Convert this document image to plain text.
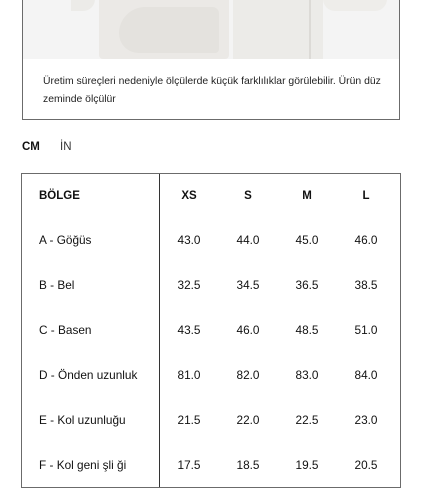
Üretim süreçleri nedeniyle ölçülerde küçük farklılıklar görülebilir. Ürün düz zeminde ölçülür
CM İN
BÖLGE	XS	S	M	L
A - Göğüs	43.0	44.0	45.0	46.0
B - Bel	32.5	34.5	36.5	38.5
C - Basen	43.5	46.0	48.5	51.0
D - Önden uzunluk	81.0	82.0	83.0	84.0
E - Kol uzunluğu	21.5	22.0	22.5	23.0
F - Kol geni şli ği	17.5	18.5	19.5	20.5
